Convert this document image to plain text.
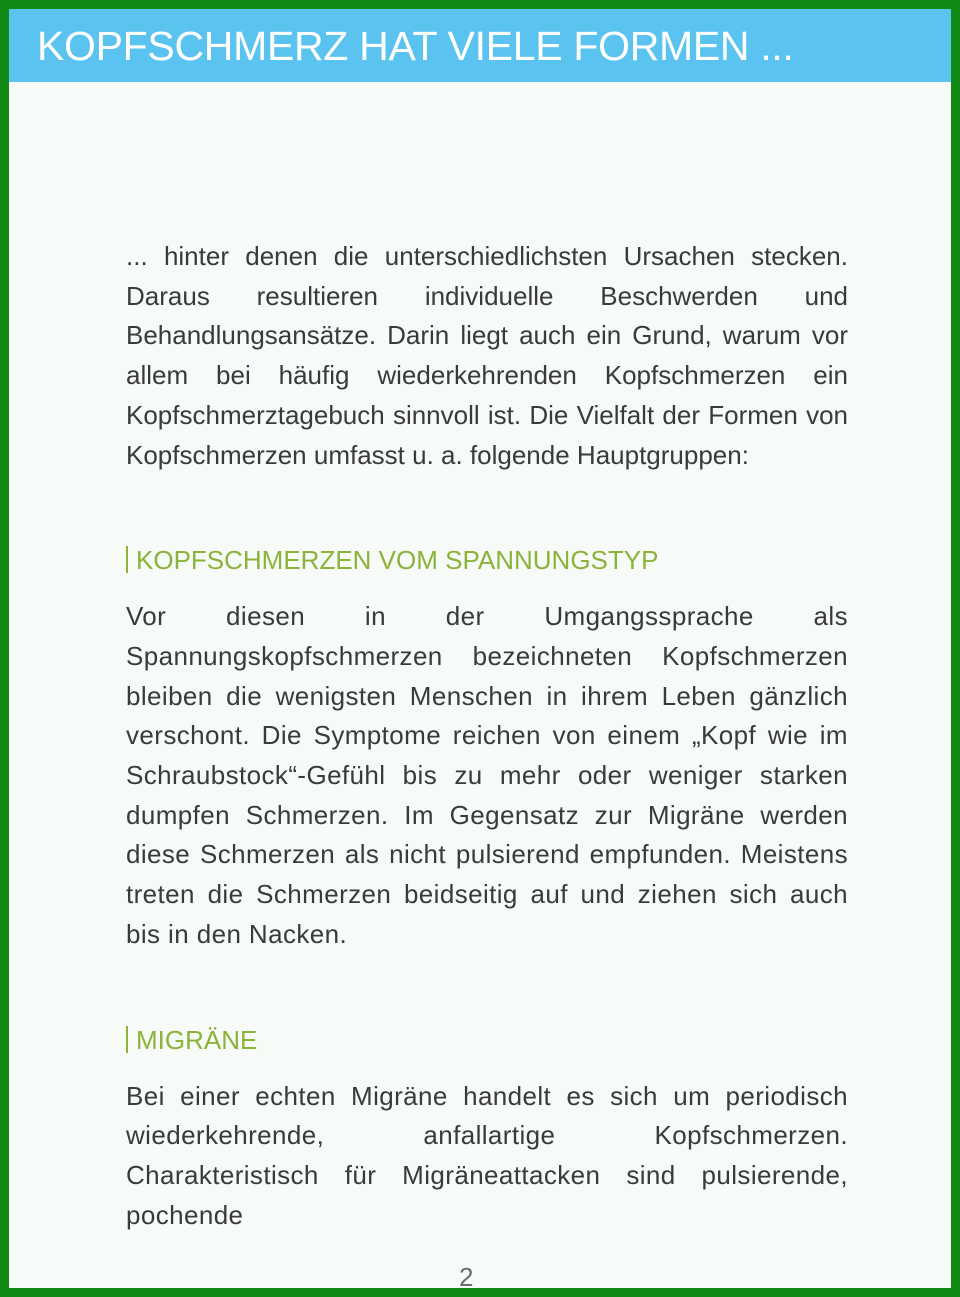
KOPFSCHMERZ HAT VIELE FORMEN ...

... hinter denen die unterschiedlichsten Ursachen stecken. Daraus resultieren individuelle Beschwerden und Behandlungsansätze. Darin liegt auch ein Grund, warum vor allem bei häufig wiederkehrenden Kopfschmerzen ein Kopfschmerztagebuch sinnvoll ist. Die Vielfalt der Formen von Kopfschmerzen umfasst u. a. folgende Hauptgruppen:

KOPFSCHMERZEN VOM SPANNUNGSTYP

Vor diesen in der Umgangssprache als Spannungskopfschmerzen bezeichneten Kopfschmerzen bleiben die wenigsten Menschen in ihrem Leben gänzlich verschont. Die Symptome reichen von einem „Kopf wie im Schraubstock“-Gefühl bis zu mehr oder weniger starken dumpfen Schmerzen. Im Gegensatz zur Migräne werden diese Schmerzen als nicht pulsierend empfunden. Meistens treten die Schmerzen beidseitig auf und ziehen sich auch bis in den Nacken.

MIGRÄNE

Bei einer echten Migräne handelt es sich um periodisch wiederkehrende, anfallartige Kopfschmerzen. Charakteristisch für Migräneattacken sind pulsierende, pochende

2
